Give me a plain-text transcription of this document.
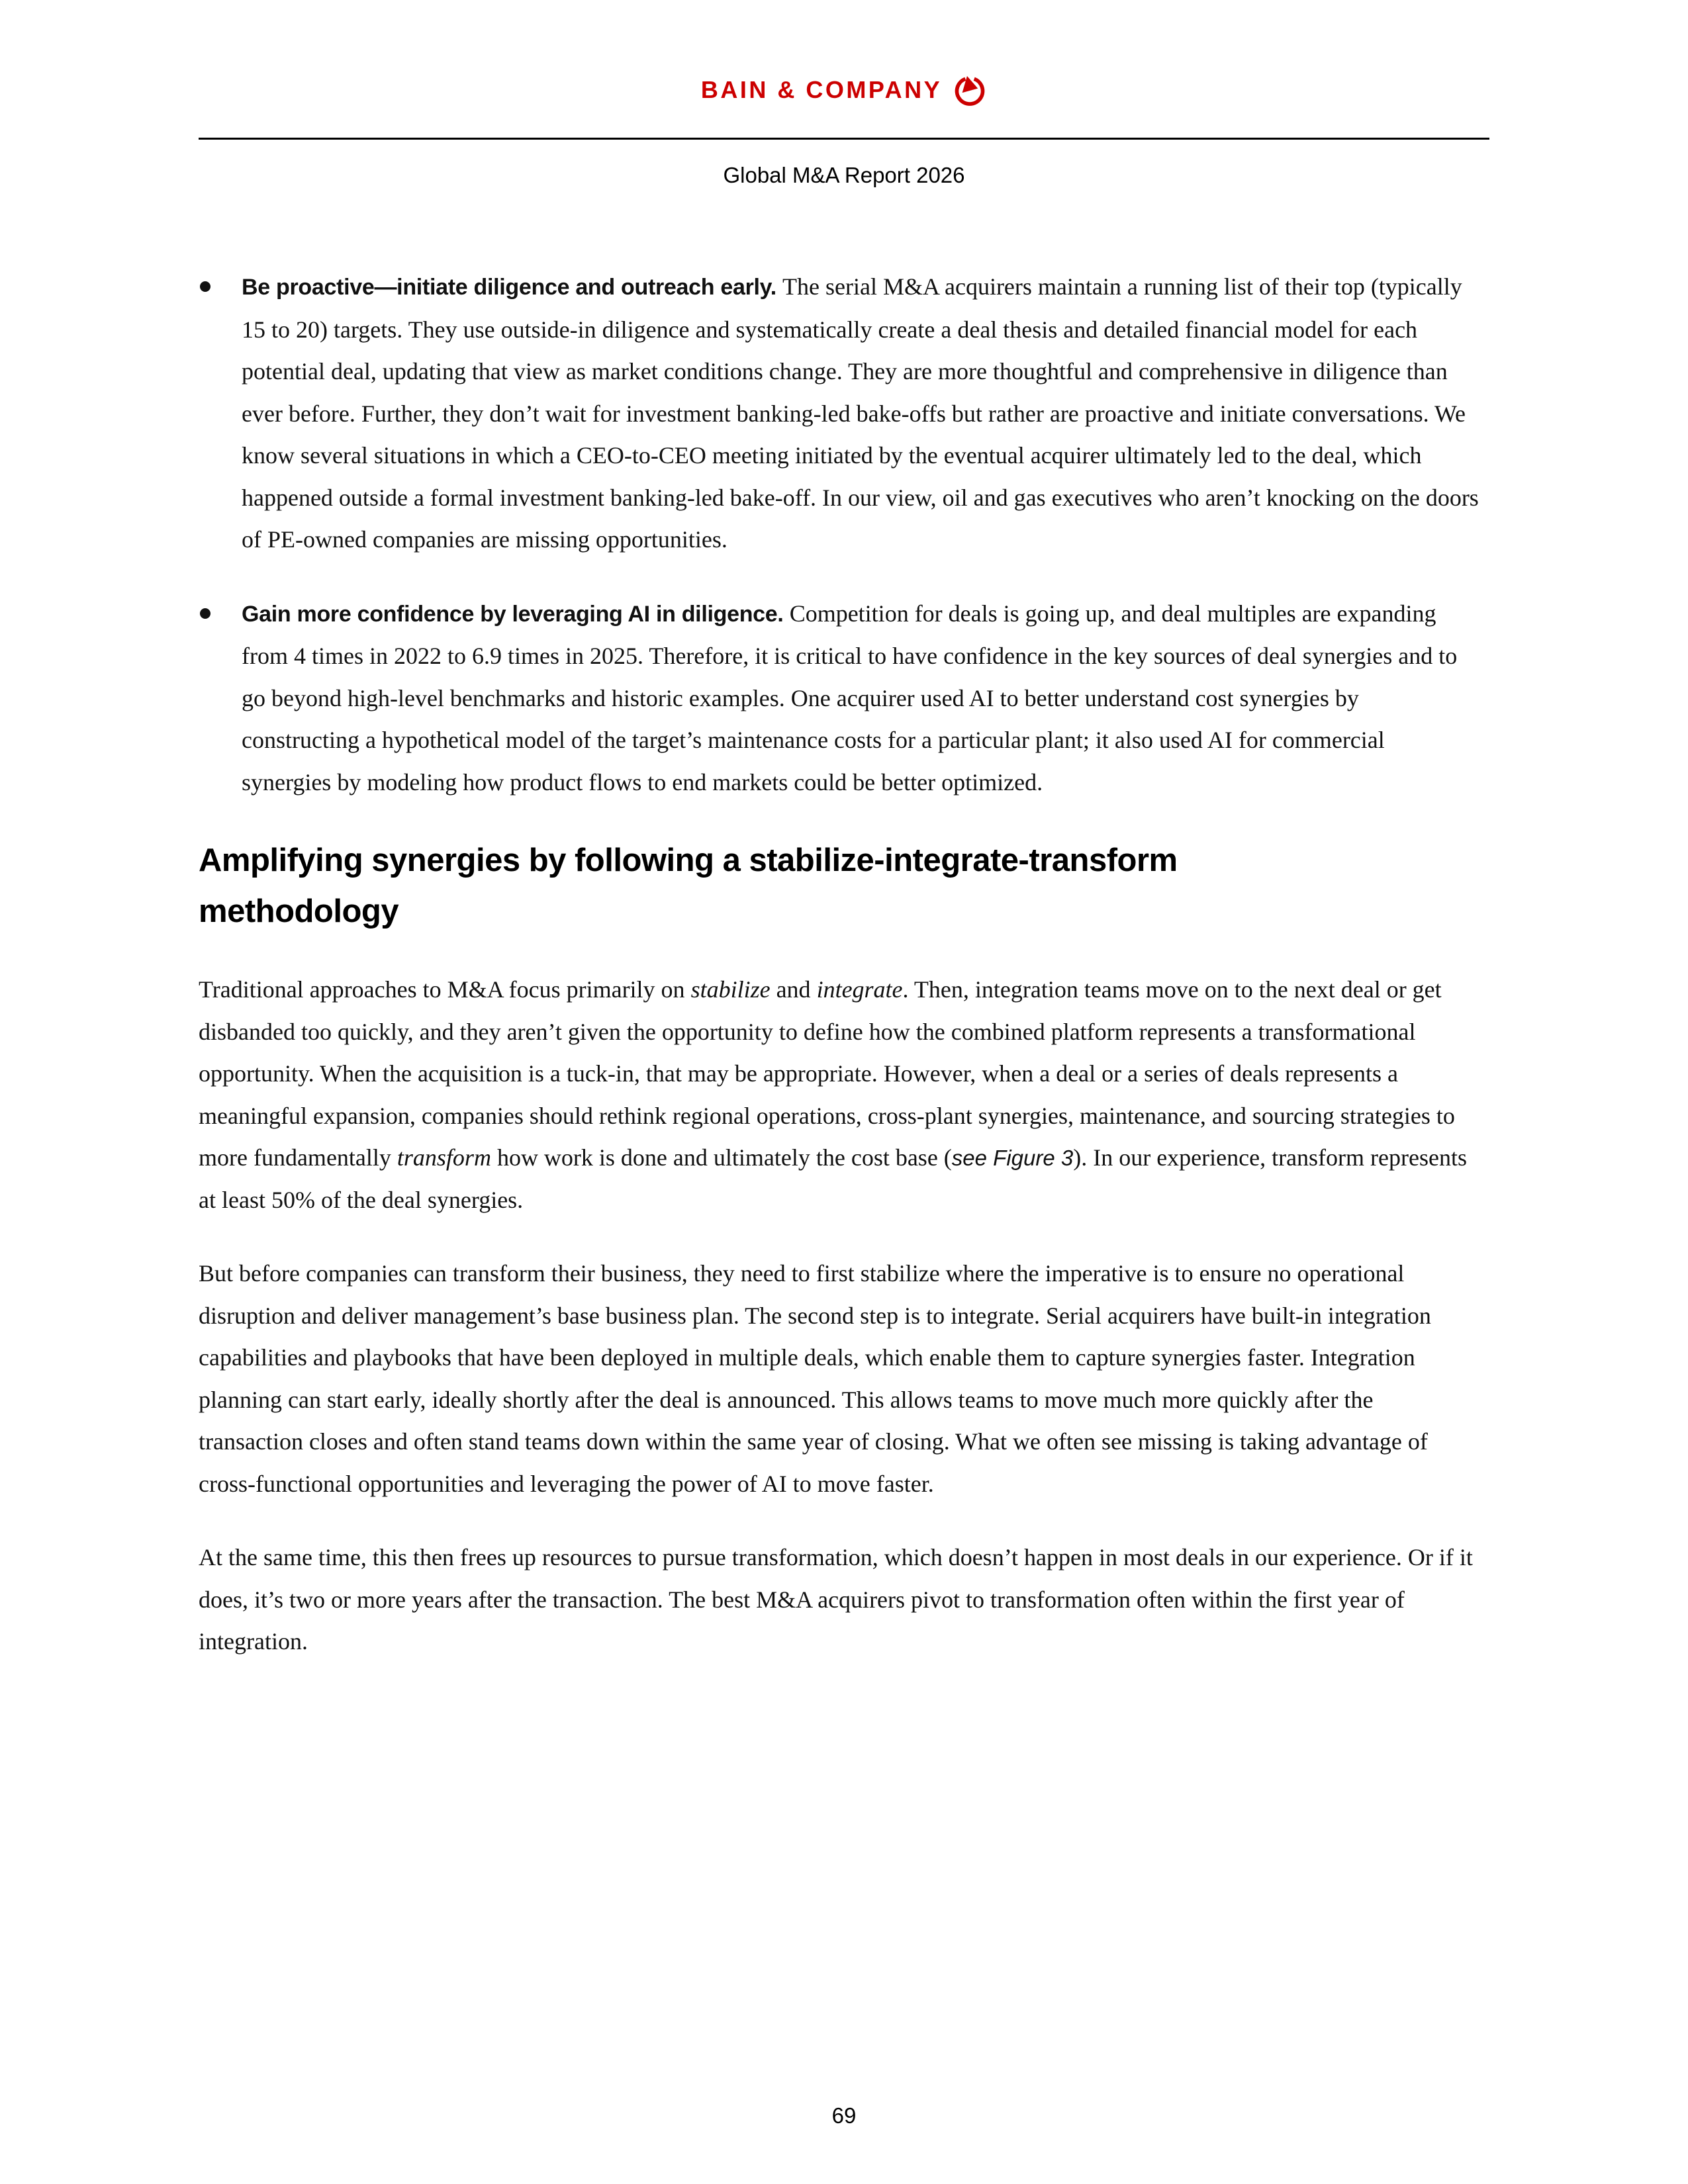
BAIN & COMPANY
Global M&A Report 2026
Be proactive—initiate diligence and outreach early. The serial M&A acquirers maintain a running list of their top (typically 15 to 20) targets. They use outside-in diligence and systematically create a deal thesis and detailed financial model for each potential deal, updating that view as market conditions change. They are more thoughtful and comprehensive in diligence than ever before. Further, they don’t wait for investment banking-led bake-offs but rather are proactive and initiate conversations. We know several situations in which a CEO-to-CEO meeting initiated by the eventual acquirer ultimately led to the deal, which happened outside a formal investment banking-led bake-off. In our view, oil and gas executives who aren’t knocking on the doors of PE-owned companies are missing opportunities.
Gain more confidence by leveraging AI in diligence. Competition for deals is going up, and deal multiples are expanding from 4 times in 2022 to 6.9 times in 2025. Therefore, it is critical to have confidence in the key sources of deal synergies and to go beyond high-level benchmarks and historic examples. One acquirer used AI to better understand cost synergies by constructing a hypothetical model of the target’s maintenance costs for a particular plant; it also used AI for commercial synergies by modeling how product flows to end markets could be better optimized.
Amplifying synergies by following a stabilize-integrate-transform methodology
Traditional approaches to M&A focus primarily on stabilize and integrate. Then, integration teams move on to the next deal or get disbanded too quickly, and they aren’t given the opportunity to define how the combined platform represents a transformational opportunity. When the acquisition is a tuck-in, that may be appropriate. However, when a deal or a series of deals represents a meaningful expansion, companies should rethink regional operations, cross-plant synergies, maintenance, and sourcing strategies to more fundamentally transform how work is done and ultimately the cost base (see Figure 3). In our experience, transform represents at least 50% of the deal synergies.
But before companies can transform their business, they need to first stabilize where the imperative is to ensure no operational disruption and deliver management’s base business plan. The second step is to integrate. Serial acquirers have built-in integration capabilities and playbooks that have been deployed in multiple deals, which enable them to capture synergies faster. Integration planning can start early, ideally shortly after the deal is announced. This allows teams to move much more quickly after the transaction closes and often stand teams down within the same year of closing. What we often see missing is taking advantage of cross-functional opportunities and leveraging the power of AI to move faster.
At the same time, this then frees up resources to pursue transformation, which doesn’t happen in most deals in our experience. Or if it does, it’s two or more years after the transaction. The best M&A acquirers pivot to transformation often within the first year of integration.
69
